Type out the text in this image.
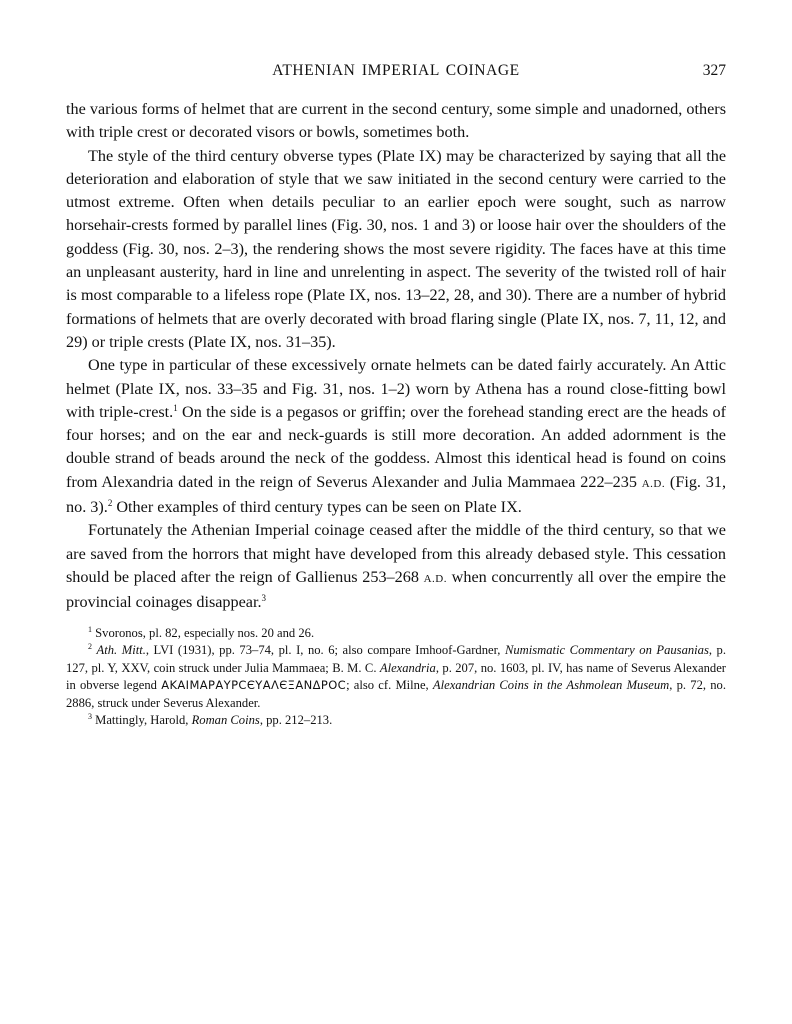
ATHENIAN IMPERIAL COINAGE	327

the various forms of helmet that are current in the second century, some simple and unadorned, others with triple crest or decorated visors or bowls, sometimes both.

The style of the third century obverse types (Plate IX) may be characterized by saying that all the deterioration and elaboration of style that we saw initiated in the second century were carried to the utmost extreme. Often when details peculiar to an earlier epoch were sought, such as narrow horsehair-crests formed by parallel lines (Fig. 30, nos. 1 and 3) or loose hair over the shoulders of the goddess (Fig. 30, nos. 2–3), the rendering shows the most severe rigidity. The faces have at this time an unpleasant austerity, hard in line and unrelenting in aspect. The severity of the twisted roll of hair is most comparable to a lifeless rope (Plate IX, nos. 13–22, 28, and 30). There are a number of hybrid formations of helmets that are overly decorated with broad flaring single (Plate IX, nos. 7, 11, 12, and 29) or triple crests (Plate IX, nos. 31–35).

One type in particular of these excessively ornate helmets can be dated fairly accurately. An Attic helmet (Plate IX, nos. 33–35 and Fig. 31, nos. 1–2) worn by Athena has a round close-fitting bowl with triple-crest.$^1$ On the side is a pegasos or griffin; over the forehead standing erect are the heads of four horses; and on the ear and neck-guards is still more decoration. An added adornment is the double strand of beads around the neck of the goddess. Almost this identical head is found on coins from Alexandria dated in the reign of Severus Alexander and Julia Mammaea 222–235 A.D. (Fig. 31, no. 3).$^2$ Other examples of third century types can be seen on Plate IX.

Fortunately the Athenian Imperial coinage ceased after the middle of the third century, so that we are saved from the horrors that might have developed from this already debased style. This cessation should be placed after the reign of Gallienus 253–268 A.D. when concurrently all over the empire the provincial coinages disappear.$^3$

$^1$ Svoronos, pl. 82, especially nos. 20 and 26.

$^2$ Ath. Mitt., LVI (1931), pp. 73–74, pl. I, no. 6; also compare Imhoof-Gardner, Numismatic Commentary on Pausanias, p. 127, pl. Y, XXV, coin struck under Julia Mammaea; B. M. C. Alexandria, p. 207, no. 1603, pl. IV, has name of Severus Alexander in obverse legend ΑΚΑΙΜΑΡΑΥΡСЄΥΑΛЄΞΑΝΔΡΟС; also cf. Milne, Alexandrian Coins in the Ashmolean Museum, p. 72, no. 2886, struck under Severus Alexander.

$^3$ Mattingly, Harold, Roman Coins, pp. 212–213.
